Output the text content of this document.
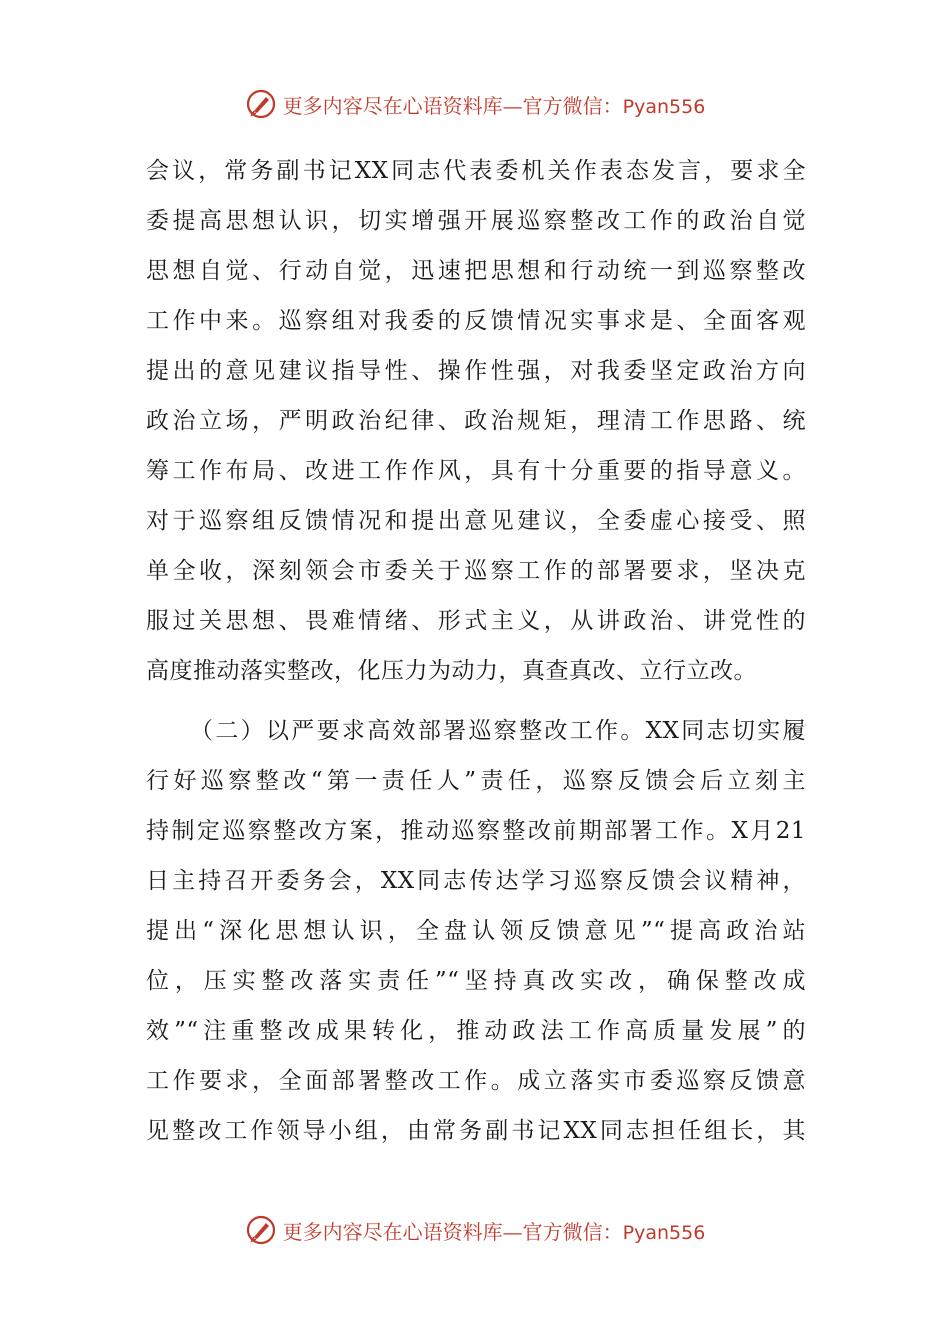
更多内容尽在心语资料库—官方微信：Pyan556
会议，常务副书记XX同志代表委机关作表态发言，要求全
委提高思想认识，切实增强开展巡察整改工作的政治自觉
思想自觉、行动自觉，迅速把思想和行动统一到巡察整改
工作中来。巡察组对我委的反馈情况实事求是、全面客观
提出的意见建议指导性、操作性强，对我委坚定政治方向
政治立场，严明政治纪律、政治规矩，理清工作思路、统
筹工作布局、改进工作作风，具有十分重要的指导意义。
对于巡察组反馈情况和提出意见建议，全委虚心接受、照
单全收，深刻领会市委关于巡察工作的部署要求，坚决克
服过关思想、畏难情绪、形式主义，从讲政治、讲党性的
高度推动落实整改，化压力为动力，真查真改、立行立改。
（二）以严要求高效部署巡察整改工作。XX同志切实履
行好巡察整改“第一责任人”责任，巡察反馈会后立刻主
持制定巡察整改方案，推动巡察整改前期部署工作。X月21
日主持召开委务会，XX同志传达学习巡察反馈会议精神，
提出“深化思想认识，全盘认领反馈意见”“提高政治站
位，压实整改落实责任”“坚持真改实改，确保整改成
效”“注重整改成果转化，推动政法工作高质量发展”的
工作要求，全面部署整改工作。成立落实市委巡察反馈意
见整改工作领导小组，由常务副书记XX同志担任组长，其
更多内容尽在心语资料库—官方微信：Pyan556
